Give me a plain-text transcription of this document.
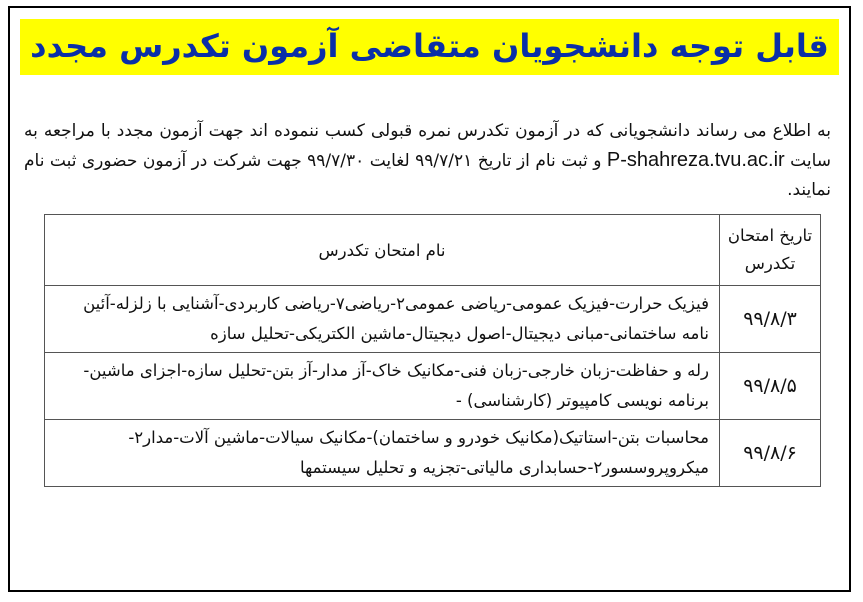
قابل توجه دانشجویان متقاضی آزمون تکدرس مجدد

به اطلاع می رساند دانشجویانی که در آزمون تکدرس نمره قبولی کسب ننموده اند جهت آزمون مجدد با مراجعه به سایت P-shahreza.tvu.ac.ir و ثبت نام از تاریخ ۹۹/۷/۲۱ لغایت ۹۹/۷/۳۰ جهت شرکت در آزمون حضوری ثبت نام نمایند.

تاریخ امتحان تکدرس	نام امتحان تکدرس
۹۹/۸/۳	فیزیک حرارت-فیزیک عمومی-ریاضی عمومی۲-ریاضی۷-ریاضی کاربردی-آشنایی با زلزله-آئین نامه ساختمانی-مبانی دیجیتال-اصول دیجیتال-ماشین الکتریکی-تحلیل سازه
۹۹/۸/۵	رله و حفاظت-زبان خارجی-زبان فنی-مکانیک خاک-آز مدار-آز بتن-تحلیل سازه-اجزای ماشین- برنامه نویسی کامپیوتر (کارشناسی) -
۹۹/۸/۶	محاسبات بتن-استاتیک(مکانیک خودرو و ساختمان)-مکانیک سیالات-ماشین آلات-مدار۲-میکروپروسسور۲-حسابداری مالیاتی-تجزیه و تحلیل سیستمها
